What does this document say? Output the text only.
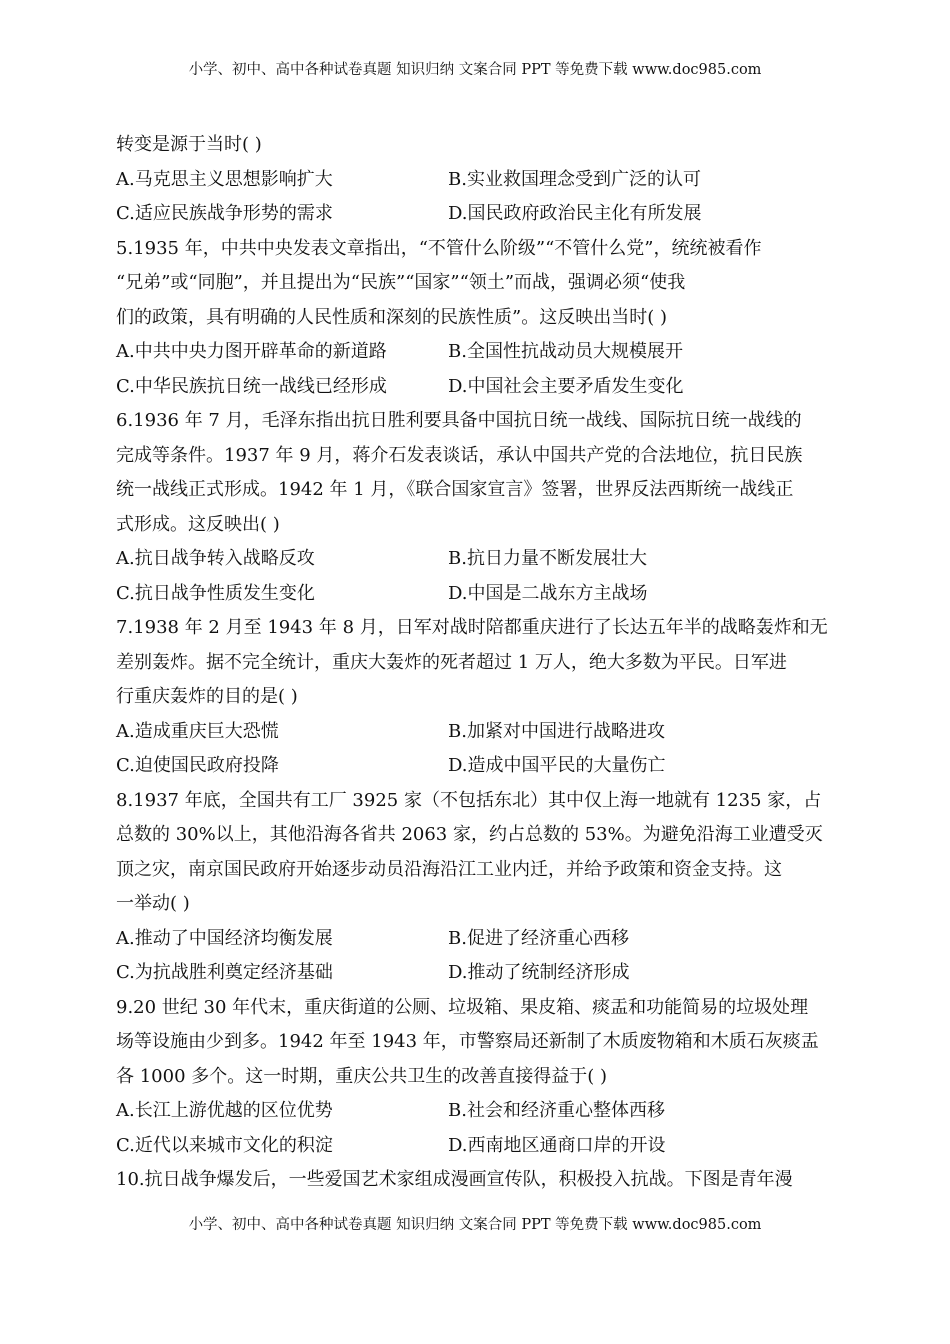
小学、初中、高中各种试卷真题 知识归纳 文案合同 PPT 等免费下载 www.doc985.com
转变是源于当时( )
A.马克思主义思想影响扩大	B.实业救国理念受到广泛的认可
C.适应民族战争形势的需求	D.国民政府政治民主化有所发展
5.1935 年，中共中央发表文章指出，“不管什么阶级”“不管什么党”，统统被看作
“兄弟”或“同胞”，并且提出为“民族”“国家”“领土”而战，强调必须“使我
们的政策，具有明确的人民性质和深刻的民族性质”。这反映出当时( )
A.中共中央力图开辟革命的新道路	B.全国性抗战动员大规模展开
C.中华民族抗日统一战线已经形成	D.中国社会主要矛盾发生变化
6.1936 年 7 月，毛泽东指出抗日胜利要具备中国抗日统一战线、国际抗日统一战线的
完成等条件。1937 年 9 月，蒋介石发表谈话，承认中国共产党的合法地位，抗日民族
统一战线正式形成。1942 年 1 月，《联合国家宣言》签署，世界反法西斯统一战线正
式形成。这反映出( )
A.抗日战争转入战略反攻	B.抗日力量不断发展壮大
C.抗日战争性质发生变化	D.中国是二战东方主战场
7.1938 年 2 月至 1943 年 8 月，日军对战时陪都重庆进行了长达五年半的战略轰炸和无
差别轰炸。据不完全统计，重庆大轰炸的死者超过 1 万人，绝大多数为平民。日军进
行重庆轰炸的目的是( )
A.造成重庆巨大恐慌	B.加紧对中国进行战略进攻
C.迫使国民政府投降	D.造成中国平民的大量伤亡
8.1937 年底，全国共有工厂 3925 家（不包括东北）其中仅上海一地就有 1235 家，占
总数的 30%以上，其他沿海各省共 2063 家，约占总数的 53%。为避免沿海工业遭受灭
顶之灾，南京国民政府开始逐步动员沿海沿江工业内迁，并给予政策和资金支持。这
一举动( )
A.推动了中国经济均衡发展	B.促进了经济重心西移
C.为抗战胜利奠定经济基础	D.推动了统制经济形成
9.20 世纪 30 年代末，重庆街道的公厕、垃圾箱、果皮箱、痰盂和功能简易的垃圾处理
场等设施由少到多。1942 年至 1943 年，市警察局还新制了木质废物箱和木质石灰痰盂
各 1000 多个。这一时期，重庆公共卫生的改善直接得益于( )
A.长江上游优越的区位优势	B.社会和经济重心整体西移
C.近代以来城市文化的积淀	D.西南地区通商口岸的开设
10.抗日战争爆发后，一些爱国艺术家组成漫画宣传队，积极投入抗战。下图是青年漫
小学、初中、高中各种试卷真题 知识归纳 文案合同 PPT 等免费下载 www.doc985.com
